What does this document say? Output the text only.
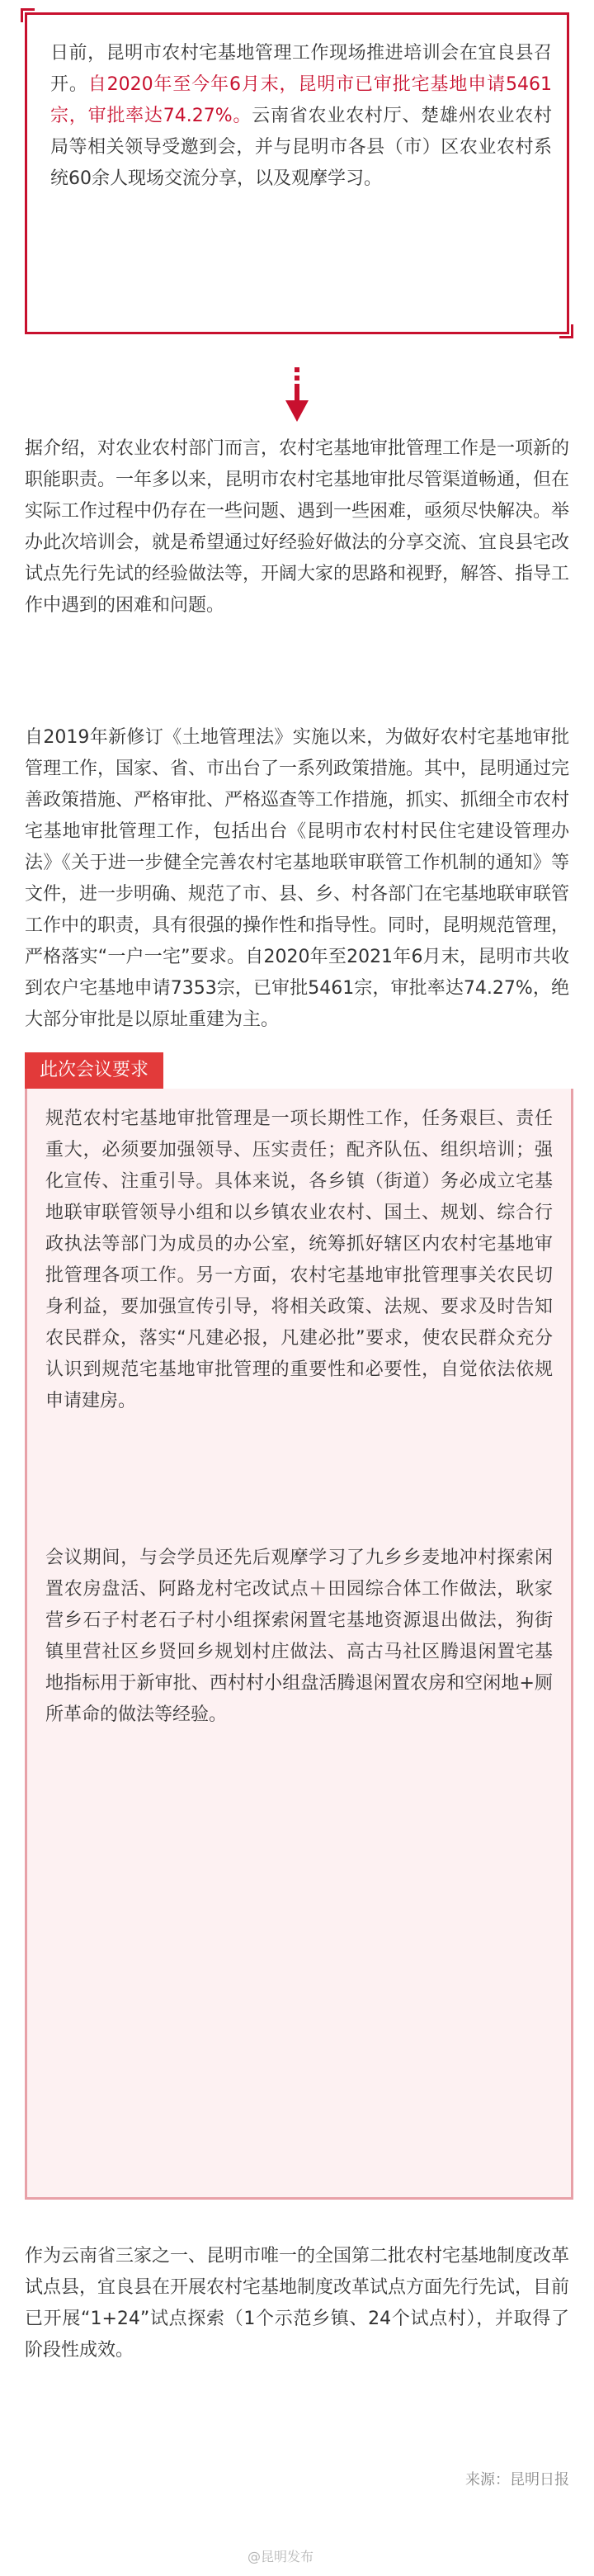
日前，昆明市农村宅基地管理工作现场推进培训会在宜良县召开。自2020年至今年6月末，昆明市已审批宅基地申请5461宗，审批率达74.27%。云南省农业农村厅、楚雄州农业农村局等相关领导受邀到会，并与昆明市各县（市）区农业农村系统60余人现场交流分享，以及观摩学习。
据介绍，对农业农村部门而言，农村宅基地审批管理工作是一项新的职能职责。一年多以来，昆明市农村宅基地审批尽管渠道畅通，但在实际工作过程中仍存在一些问题、遇到一些困难，亟须尽快解决。举办此次培训会，就是希望通过好经验好做法的分享交流、宜良县宅改试点先行先试的经验做法等，开阔大家的思路和视野，解答、指导工作中遇到的困难和问题。
自2019年新修订《土地管理法》实施以来，为做好农村宅基地审批管理工作，国家、省、市出台了一系列政策措施。其中，昆明通过完善政策措施、严格审批、严格巡查等工作措施，抓实、抓细全市农村宅基地审批管理工作，包括出台《昆明市农村村民住宅建设管理办法》《关于进一步健全完善农村宅基地联审联管工作机制的通知》等文件，进一步明确、规范了市、县、乡、村各部门在宅基地联审联管工作中的职责，具有很强的操作性和指导性。同时，昆明规范管理，严格落实“一户一宅”要求。自2020年至2021年6月末，昆明市共收到农户宅基地申请7353宗，已审批5461宗，审批率达74.27%，绝大部分审批是以原址重建为主。
此次会议要求
规范农村宅基地审批管理是一项长期性工作，任务艰巨、责任重大，必须要加强领导、压实责任；配齐队伍、组织培训；强化宣传、注重引导。具体来说，各乡镇（街道）务必成立宅基地联审联管领导小组和以乡镇农业农村、国土、规划、综合行政执法等部门为成员的办公室，统筹抓好辖区内农村宅基地审批管理各项工作。另一方面，农村宅基地审批管理事关农民切身利益，要加强宣传引导，将相关政策、法规、要求及时告知农民群众，落实“凡建必报，凡建必批”要求，使农民群众充分认识到规范宅基地审批管理的重要性和必要性，自觉依法依规申请建房。
会议期间，与会学员还先后观摩学习了九乡乡麦地冲村探索闲置农房盘活、阿路龙村宅改试点＋田园综合体工作做法，耿家营乡石子村老石子村小组探索闲置宅基地资源退出做法，狗街镇里营社区乡贤回乡规划村庄做法、高古马社区腾退闲置宅基地指标用于新审批、西村村小组盘活腾退闲置农房和空闲地+厕所革命的做法等经验。
作为云南省三家之一、昆明市唯一的全国第二批农村宅基地制度改革试点县，宜良县在开展农村宅基地制度改革试点方面先行先试，目前已开展“1+24”试点探索（1个示范乡镇、24个试点村），并取得了阶段性成效。
来源：昆明日报
@昆明发布
